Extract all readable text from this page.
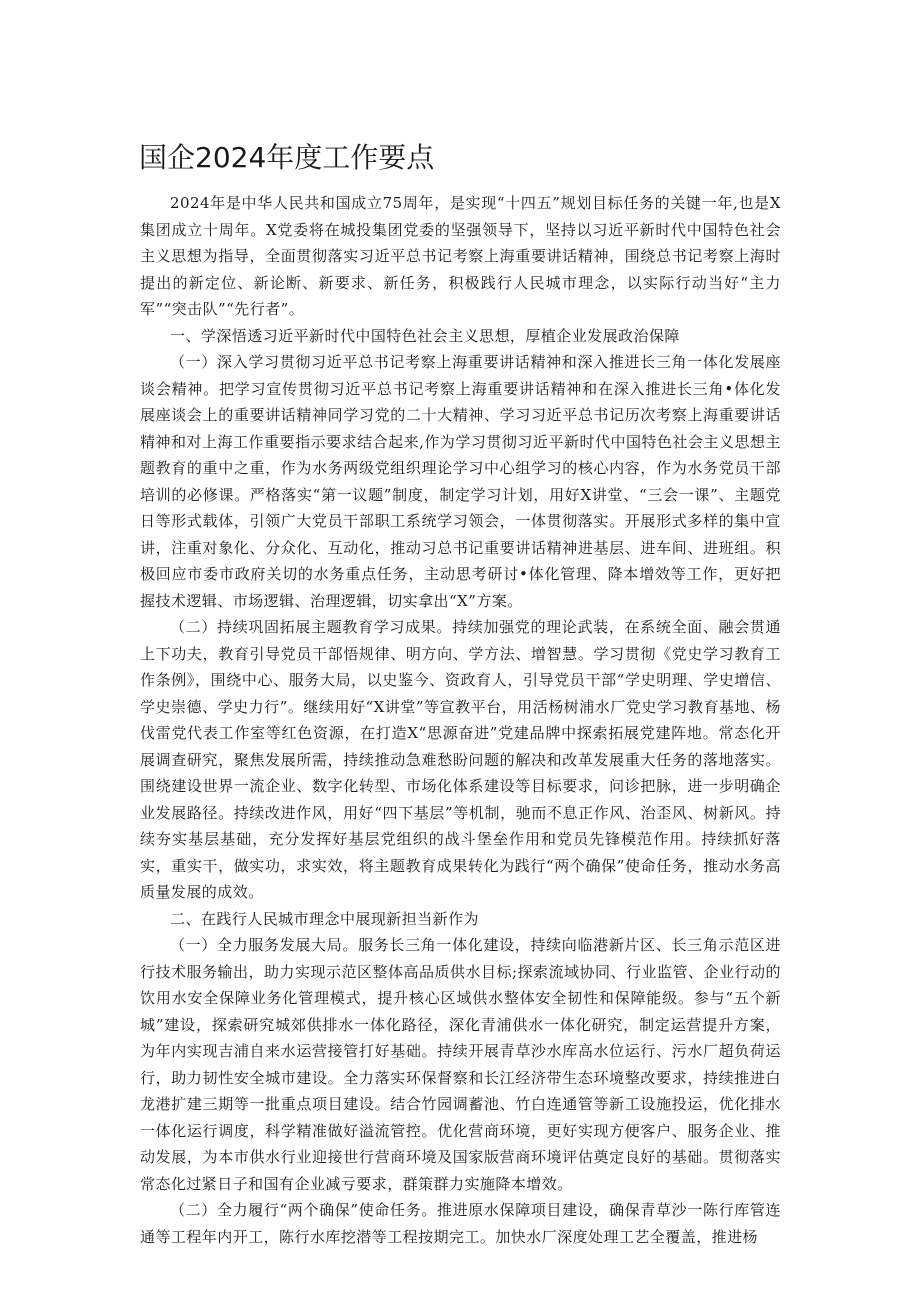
国企2024年度工作要点

2024年是中华人民共和国成立75周年，是实现“十四五”规划目标任务的关键一年,也是X集团成立十周年。X党委将在城投集团党委的坚强领导下，坚持以习近平新时代中国特色社会主义思想为指导，全面贯彻落实习近平总书记考察上海重要讲话精神，围绕总书记考察上海时提出的新定位、新论断、新要求、新任务，积极践行人民城市理念，以实际行动当好“主力军”“突击队”“先行者”。

一、学深悟透习近平新时代中国特色社会主义思想，厚植企业发展政治保障

（一）深入学习贯彻习近平总书记考察上海重要讲话精神和深入推进长三角一体化发展座谈会精神。把学习宣传贯彻习近平总书记考察上海重要讲话精神和在深入推进长三角•体化发展座谈会上的重要讲话精神同学习党的二十大精神、学习习近平总书记历次考察上海重要讲话精神和对上海工作重要指示要求结合起来,作为学习贯彻习近平新时代中国特色社会主义思想主题教育的重中之重，作为水务两级党组织理论学习中心组学习的核心内容，作为水务党员干部培训的必修课。严格落实“第一议题”制度，制定学习计划，用好X讲堂、“三会一课”、主题党日等形式载体，引领广大党员干部职工系统学习领会，一体贯彻落实。开展形式多样的集中宣讲，注重对象化、分众化、互动化，推动习总书记重要讲话精神进基层、进车间、进班组。积极回应市委市政府关切的水务重点任务，主动思考研讨•体化管理、降本增效等工作，更好把握技术逻辑、市场逻辑、治理逻辑，切实拿出“X”方案。

（二）持续巩固拓展主题教育学习成果。持续加强党的理论武装，在系统全面、融会贯通上下功夫，教育引导党员干部悟规律、明方向、学方法、增智慧。学习贯彻《党史学习教育工作条例》，围绕中心、服务大局，以史鉴今、资政育人，引导党员干部“学史明理、学史增信、学史崇德、学史力行”。继续用好“X讲堂”等宣教平台，用活杨树浦水厂党史学习教育基地、杨伐雷党代表工作室等红色资源，在打造X“思源奋进”党建品牌中探索拓展党建阵地。常态化开展调查研究，聚焦发展所需，持续推动急难愁盼问题的解决和改革发展重大任务的落地落实。围绕建设世界一流企业、数字化转型、市场化体系建设等目标要求，问诊把脉，进一步明确企业发展路径。持续改进作风，用好“四下基层”等机制，驰而不息正作风、治歪风、树新风。持续夯实基层基础，充分发挥好基层党组织的战斗堡垒作用和党员先锋模范作用。持续抓好落实，重实干，做实功，求实效，将主题教育成果转化为践行“两个确保”使命任务，推动水务高质量发展的成效。

二、在践行人民城市理念中展现新担当新作为

（一）全力服务发展大局。服务长三角一体化建设，持续向临港新片区、长三角示范区进行技术服务输出，助力实现示范区整体高品质供水目标;探索流域协同、行业监管、企业行动的饮用水安全保障业务化管理模式，提升核心区域供水整体安全韧性和保障能级。参与“五个新城”建设，探索研究城郊供排水一体化路径，深化青浦供水一体化研究，制定运营提升方案，为年内实现吉浦自来水运营接管打好基础。持续开展青草沙水库高水位运行、污水厂超负荷运行，助力韧性安全城市建设。全力落实环保督察和长江经济带生态环境整改要求，持续推进白龙港扩建三期等一批重点项目建设。结合竹园调蓄池、竹白连通管等新工设施投运，优化排水一体化运行调度，科学精准做好溢流管控。优化营商环境，更好实现方便客户、服务企业、推动发展，为本市供水行业迎接世行营商环境及国家版营商环境评估奠定良好的基础。贯彻落实常态化过紧日子和国有企业减亏要求，群策群力实施降本增效。

（二）全力履行“两个确保”使命任务。推进原水保障项目建设，确保青草沙一陈行库管连通等工程年内开工，陈行水库挖潜等工程按期完工。加快水厂深度处理工艺全覆盖，推进杨
